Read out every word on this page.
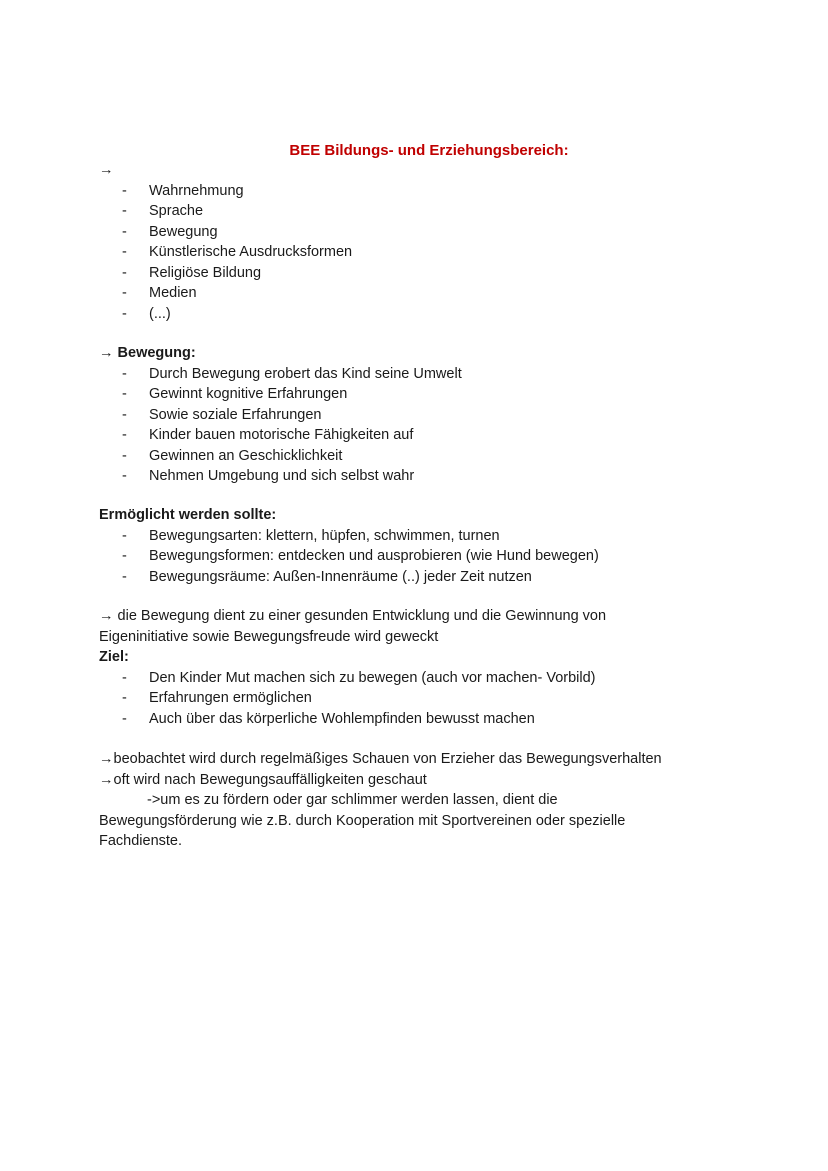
BEE Bildungs- und Erziehungsbereich:
→
- Wahrnehmung
- Sprache
- Bewegung
- Künstlerische Ausdrucksformen
- Religiöse Bildung
- Medien
- (...)
→ Bewegung:
- Durch Bewegung erobert das Kind seine Umwelt
- Gewinnt kognitive Erfahrungen
- Sowie soziale Erfahrungen
- Kinder bauen motorische Fähigkeiten auf
- Gewinnen an Geschicklichkeit
- Nehmen Umgebung und sich selbst wahr
Ermöglicht werden sollte:
- Bewegungsarten: klettern, hüpfen, schwimmen, turnen
- Bewegungsformen: entdecken und ausprobieren (wie Hund bewegen)
- Bewegungsräume: Außen-Innenräume (..) jeder Zeit nutzen
→ die Bewegung dient zu einer gesunden Entwicklung und die Gewinnung von
Eigeninitiative sowie Bewegungsfreude wird geweckt
Ziel:
- Den Kinder Mut machen sich zu bewegen (auch vor machen- Vorbild)
- Erfahrungen ermöglichen
- Auch über das körperliche Wohlempfinden bewusst machen
→beobachtet wird durch regelmäßiges Schauen von Erzieher das Bewegungsverhalten
→oft wird nach Bewegungsauffälligkeiten geschaut
->um es zu fördern oder gar schlimmer werden lassen, dient die
Bewegungsförderung wie z.B. durch Kooperation mit Sportvereinen oder spezielle
Fachdienste.
